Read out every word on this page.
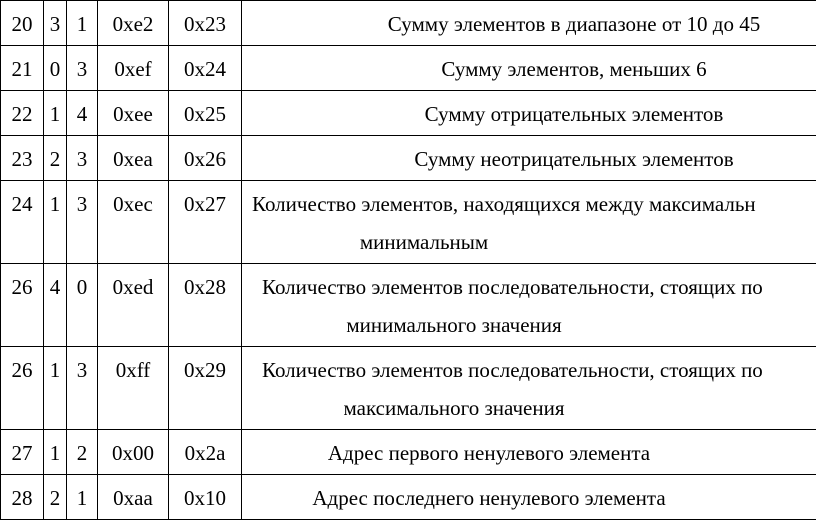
20	3	1	0xe2	0x23	Сумму элементов в диапазоне от 10 до 45

21	0	3	0xef	0x24	Сумму элементов, меньших 6

22	1	4	0xee	0x25	Сумму отрицательных элементов

23	2	3	0xea	0x26	Сумму неотрицательных элементов

24	1	3	0xec	0x27	Количество элементов, находящихся между максимальн
минимальным

26	4	0	0xed	0x28	Количество элементов последовательности, стоящих по
минимального значения

26	1	3	0xff	0x29	Количество элементов последовательности, стоящих по
максимального значения

27	1	2	0x00	0x2a	Адрес первого ненулевого элемента

28	2	1	0xaa	0x10	Адрес последнего ненулевого элемента
